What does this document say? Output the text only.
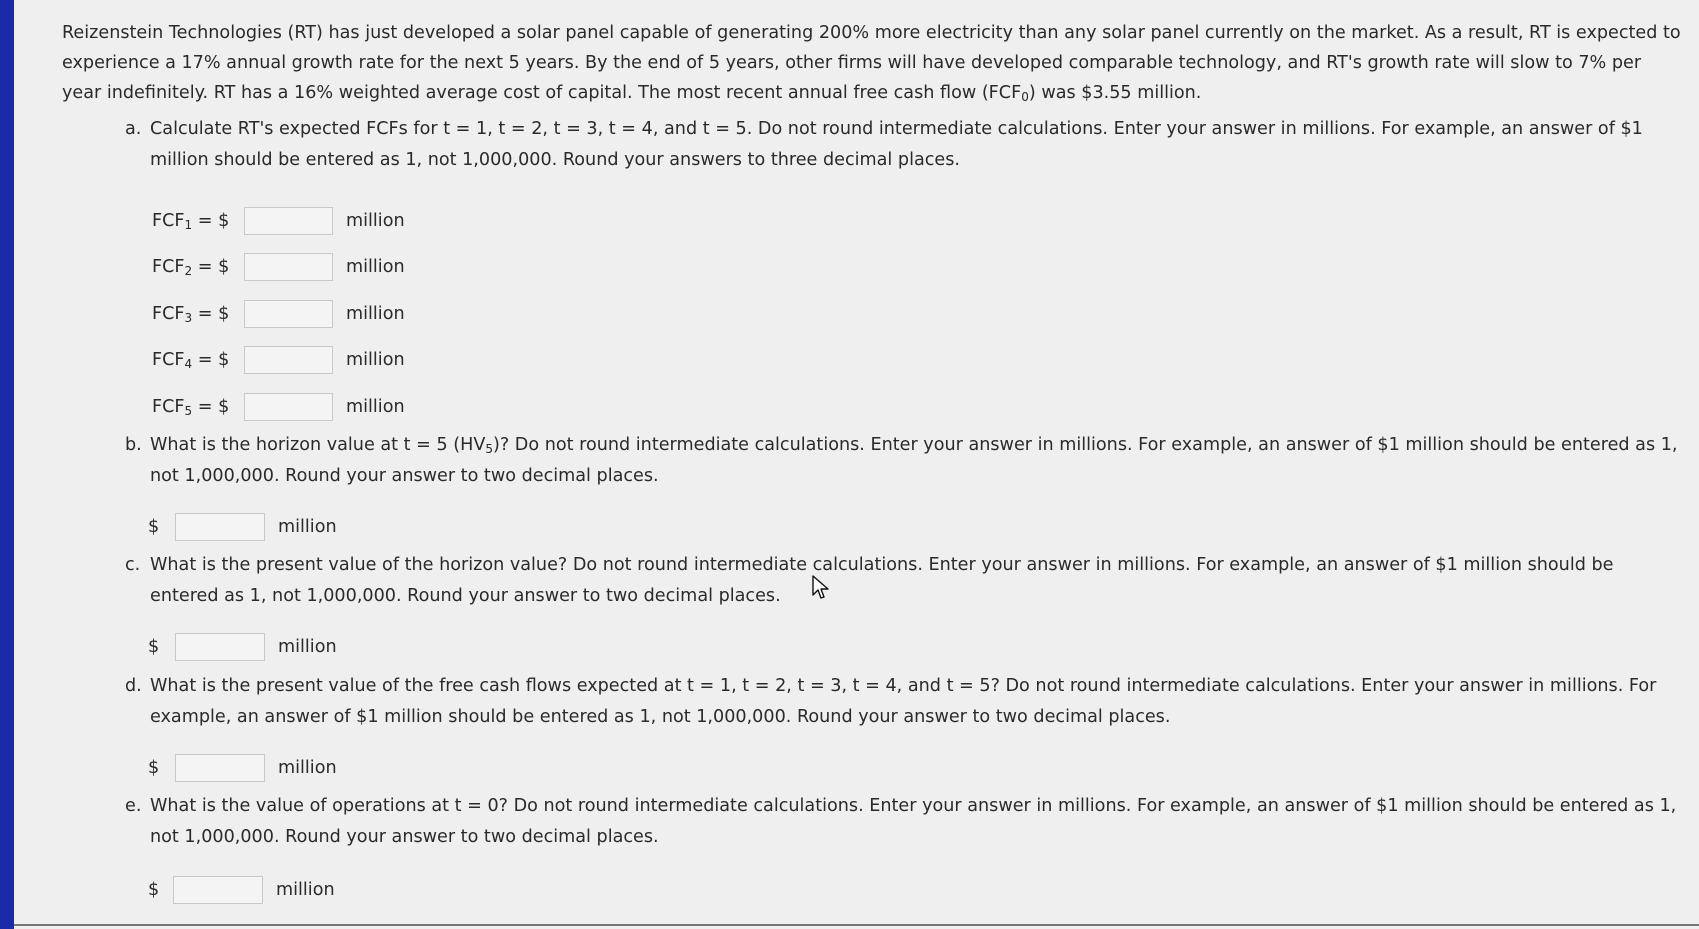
Reizenstein Technologies (RT) has just developed a solar panel capable of generating 200% more electricity than any solar panel currently on the market. As a result, RT is expected to experience a 17% annual growth rate for the next 5 years. By the end of 5 years, other firms will have developed comparable technology, and RT's growth rate will slow to 7% per year indefinitely. RT has a 16% weighted average cost of capital. The most recent annual free cash flow $(FCF_0)$ was $3.55 million.
a. Calculate RT's expected FCFs for t = 1, t = 2, t = 3, t = 4, and t = 5. Do not round intermediate calculations. Enter your answer in millions. For example, an answer of $1 million should be entered as 1, not 1,000,000. Round your answers to three decimal places.
$FCF_1$ = $	million
$FCF_2$ = $	million
$FCF_3$ = $	million
$FCF_4$ = $	million
$FCF_5$ = $	million
b. What is the horizon value at t = 5 $(HV_5)$? Do not round intermediate calculations. Enter your answer in millions. For example, an answer of $1 million should be entered as 1, not 1,000,000. Round your answer to two decimal places.
$	million
c. What is the present value of the horizon value? Do not round intermediate calculations. Enter your answer in millions. For example, an answer of $1 million should be entered as 1, not 1,000,000. Round your answer to two decimal places.
$	million
d. What is the present value of the free cash flows expected at t = 1, t = 2, t = 3, t = 4, and t = 5? Do not round intermediate calculations. Enter your answer in millions. For example, an answer of $1 million should be entered as 1, not 1,000,000. Round your answer to two decimal places.
$	million
e. What is the value of operations at t = 0? Do not round intermediate calculations. Enter your answer in millions. For example, an answer of $1 million should be entered as 1, not 1,000,000. Round your answer to two decimal places.
$	million
